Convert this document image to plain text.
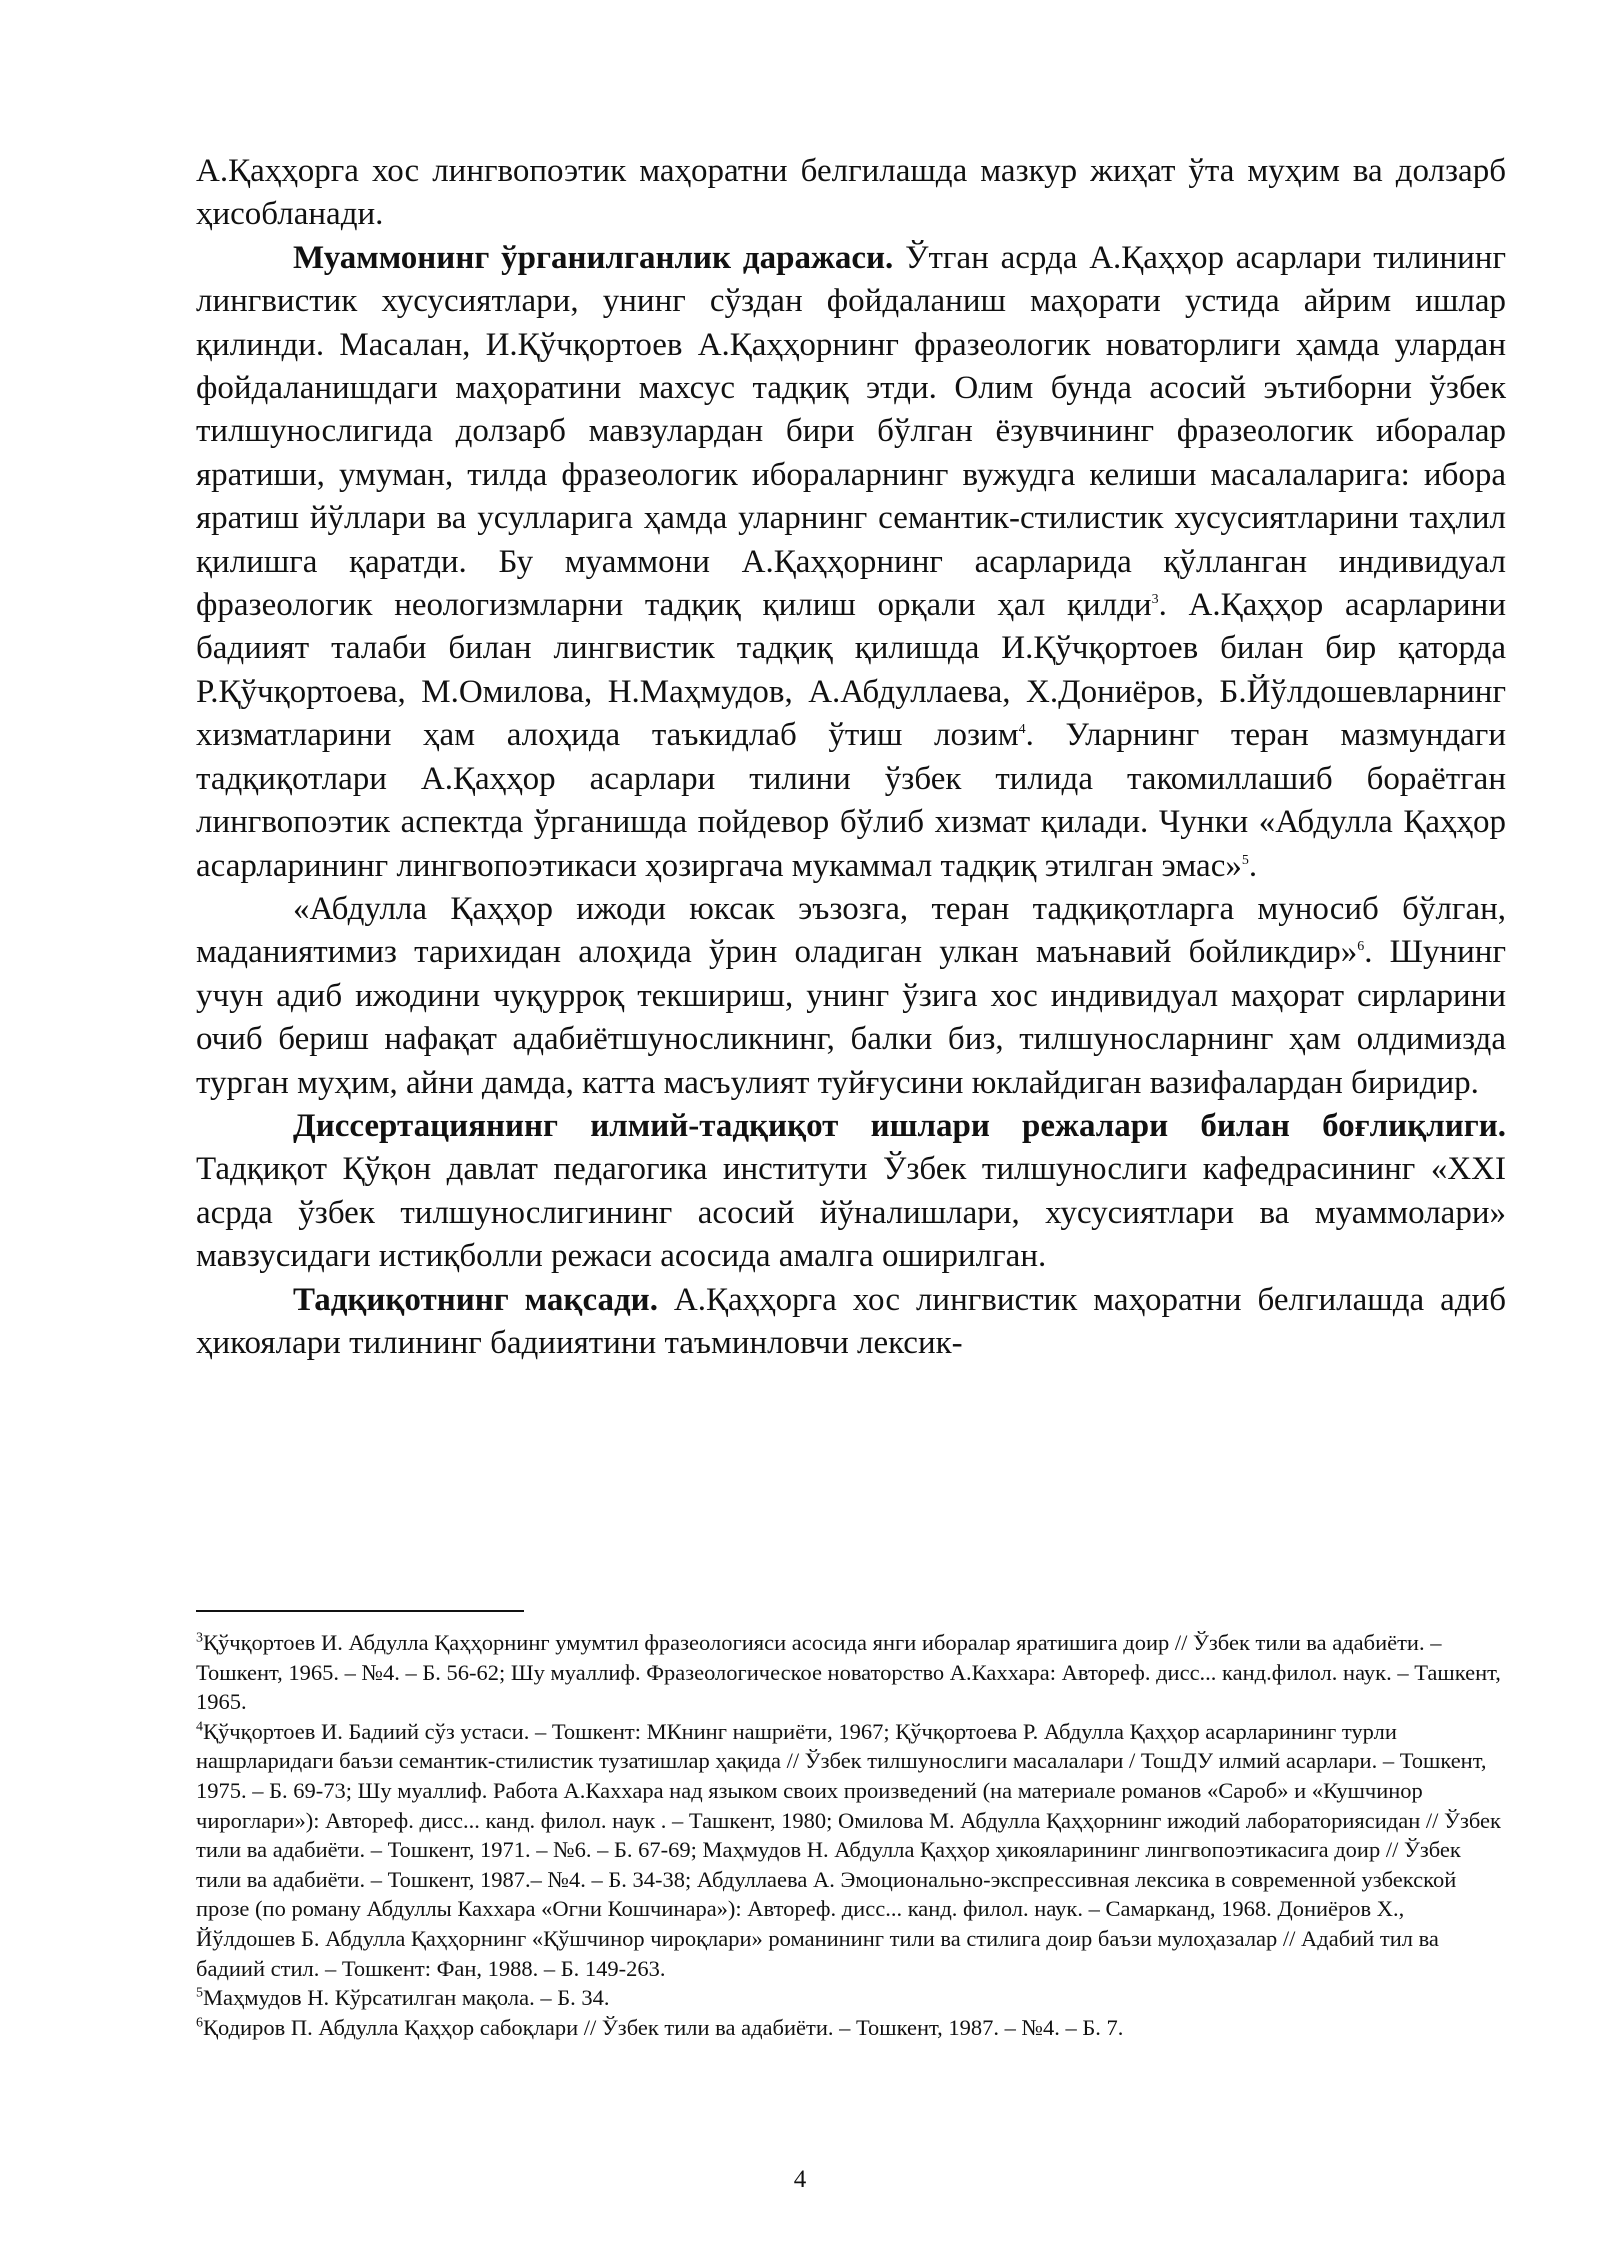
А.Қаҳҳорга хос лингвопоэтик маҳоратни белгилашда мазкур жиҳат ўта муҳим ва долзарб ҳисобланади.

Муаммонинг ўрганилганлик даражаси. Ўтган асрда А.Қаҳҳор асарлари тилининг лингвистик хусусиятлари, унинг сўздан фойдаланиш маҳорати устида айрим ишлар қилинди. Масалан, И.Қўчқортоев А.Қаҳҳорнинг фразеологик новаторлиги ҳамда улардан фойдаланишдаги маҳоратини махсус тадқиқ этди. Олим бунда асосий эътиборни ўзбек тилшунослигида долзарб мавзулардан бири бўлган ёзувчининг фразеологик иборалар яратиши, умуман, тилда фразеологик ибораларнинг вужудга келиши масалаларига: ибора яратиш йўллари ва усулларига ҳамда уларнинг семантик-стилистик хусусиятларини таҳлил қилишга қаратди. Бу муаммони А.Қаҳҳорнинг асарларида қўлланган индивидуал фразеологик неологизмларни тадқиқ қилиш орқали ҳал қилди$^3$. А.Қаҳҳор асарларини бадиият талаби билан лингвистик тадқиқ қилишда И.Қўчқортоев билан бир қаторда Р.Қўчқортоева, М.Омилова, Н.Маҳмудов, А.Абдуллаева, Х.Дониёров, Б.Йўлдошевларнинг хизматларини ҳам алоҳида таъкидлаб ўтиш лозим$^4$. Уларнинг теран мазмундаги тадқиқотлари А.Қаҳҳор асарлари тилини ўзбек тилида такомиллашиб бораётган лингвопоэтик аспектда ўрганишда пойдевор бўлиб хизмат қилади. Чунки «Абдулла Қаҳҳор асарларининг лингвопоэтикаси ҳозиргача мукаммал тадқиқ этилган эмас»$^5$.

«Абдулла Қаҳҳор ижоди юксак эъзозга, теран тадқиқотларга муносиб бўлган, маданиятимиз тарихидан алоҳида ўрин оладиган улкан маънавий бойликдир»$^6$. Шунинг учун адиб ижодини чуқурроқ текшириш, унинг ўзига хос индивидуал маҳорат сирларини очиб бериш нафақат адабиётшуносликнинг, балки биз, тилшуносларнинг ҳам олдимизда турган муҳим, айни дамда, катта масъулият туйғусини юклайдиган вазифалардан биридир.

Диссертациянинг илмий-тадқиқот ишлари режалари билан боғлиқлиги. Тадқиқот Қўқон давлат педагогика институти Ўзбек тилшунослиги кафедрасининг «XXI асрда ўзбек тилшунослигининг асосий йўналишлари, хусусиятлари ва муаммолари» мавзусидаги истиқболли режаси асосида амалга оширилган.

Тадқиқотнинг мақсади. А.Қаҳҳорга хос лингвистик маҳоратни белгилашда адиб ҳикоялари тилининг бадииятини таъминловчи лексик-

$^3$Қўчқортоев И. Абдулла Қаҳҳорнинг умумтил фразеологияси асосида янги иборалар яратишига доир // Ўзбек тили ва адабиёти. – Тошкент, 1965. – №4. – Б. 56-62; Шу муаллиф. Фразеологическое новаторство А.Каххара: Автореф. дисс... канд.филол. наук. – Ташкент, 1965.

$^4$Қўчқортоев И. Бадиий сўз устаси. – Тошкент: МКнинг нашриёти, 1967; Қўчқортоева Р. Абдулла Қаҳҳор асарларининг турли нашрларидаги баъзи семантик-стилистик тузатишлар ҳақида // Ўзбек тилшунослиги масалалари / ТошДУ илмий асарлари. – Тошкент, 1975. – Б. 69-73; Шу муаллиф. Работа А.Каххара над языком своих произведений (на материале романов «Сароб» и «Кушчинор чироглари»): Автореф. дисс... канд. филол. наук . – Ташкент, 1980; Омилова М. Абдулла Қаҳҳорнинг ижодий лабораториясидан // Ўзбек тили ва адабиёти. – Тошкент, 1971. – №6. – Б. 67-69; Маҳмудов Н. Абдулла Қаҳҳор ҳикояларининг лингвопоэтикасига доир // Ўзбек тили ва адабиёти. – Тошкент, 1987.– №4. – Б. 34-38; Абдуллаева А. Эмоционально-экспрессивная лексика в современной узбекской прозе (по роману Абдуллы Каххара «Огни Кошчинара»): Автореф. дисс... канд. филол. наук. – Самарканд, 1968. Дониёров Х., Йўлдошев Б. Абдулла Қаҳҳорнинг «Қўшчинор чироқлари» романининг тили ва стилига доир баъзи мулоҳазалар // Адабий тил ва бадиий стил. – Тошкент: Фан, 1988. – Б. 149-263.

$^5$Маҳмудов Н. Кўрсатилган мақола. – Б. 34.

$^6$Қодиров П. Абдулла Қаҳҳор сабоқлари // Ўзбек тили ва адабиёти. – Тошкент, 1987. – №4. – Б. 7.

4
